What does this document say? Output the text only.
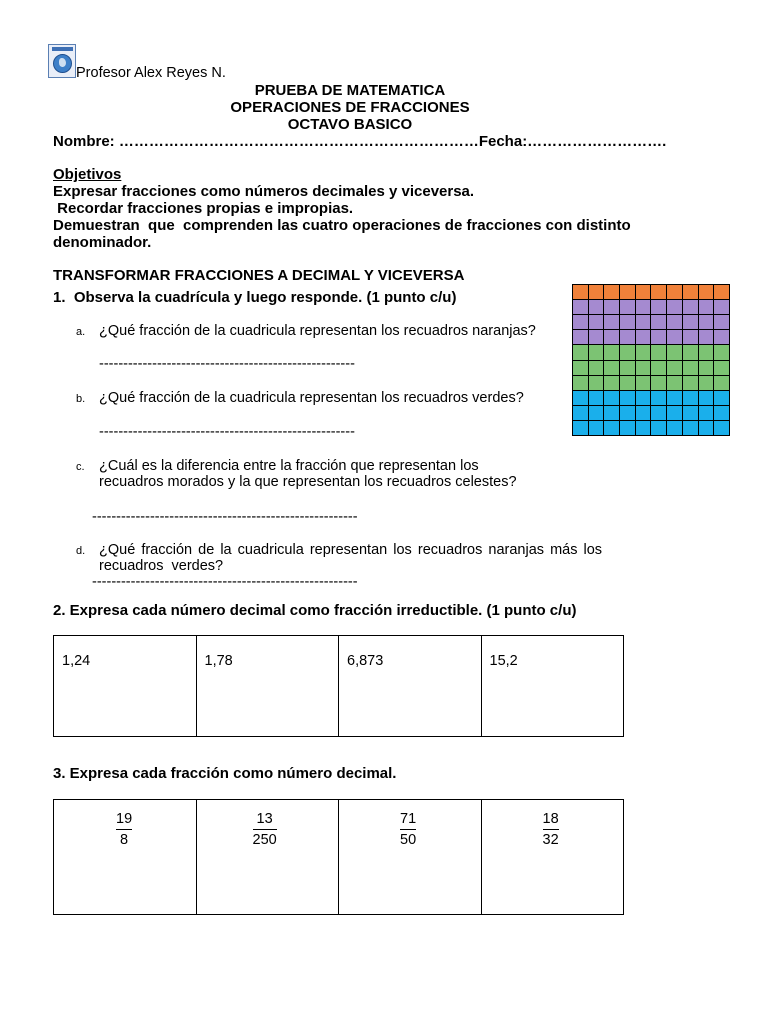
Profesor Alex Reyes N.
PRUEBA DE MATEMATICA
OPERACIONES DE FRACCIONES
OCTAVO BASICO
Nombre: ………………………………………………………………Fecha:……………………….
Objetivos
Expresar fracciones como números decimales y viceversa.
Recordar fracciones propias e impropias.
Demuestran  que  comprenden las cuatro operaciones de fracciones con distinto
denominador.
TRANSFORMAR FRACCIONES A DECIMAL Y VICEVERSA
1.  Observa la cuadrícula y luego responde. (1 punto c/u)
a. ¿Qué fracción de la cuadricula representan los recuadros naranjas?
-----------------------------------------------------
b. ¿Qué fracción de la cuadricula representan los recuadros verdes?
-----------------------------------------------------
c. ¿Cuál es la diferencia entre la fracción que representan los
recuadros morados y la que representan los recuadros celestes?
-------------------------------------------------------
d. ¿Qué  fracción  de  la  cuadricula  representan  los  recuadros  naranjas  más  los
recuadros  verdes?
-------------------------------------------------------
2. Expresa cada número decimal como fracción irreductible. (1 punto c/u)
1,24	1,78	6,873	15,2
3. Expresa cada fracción como número decimal.
$\frac{19}{8}$	$\frac{13}{250}$	$\frac{71}{50}$	$\frac{18}{32}$
